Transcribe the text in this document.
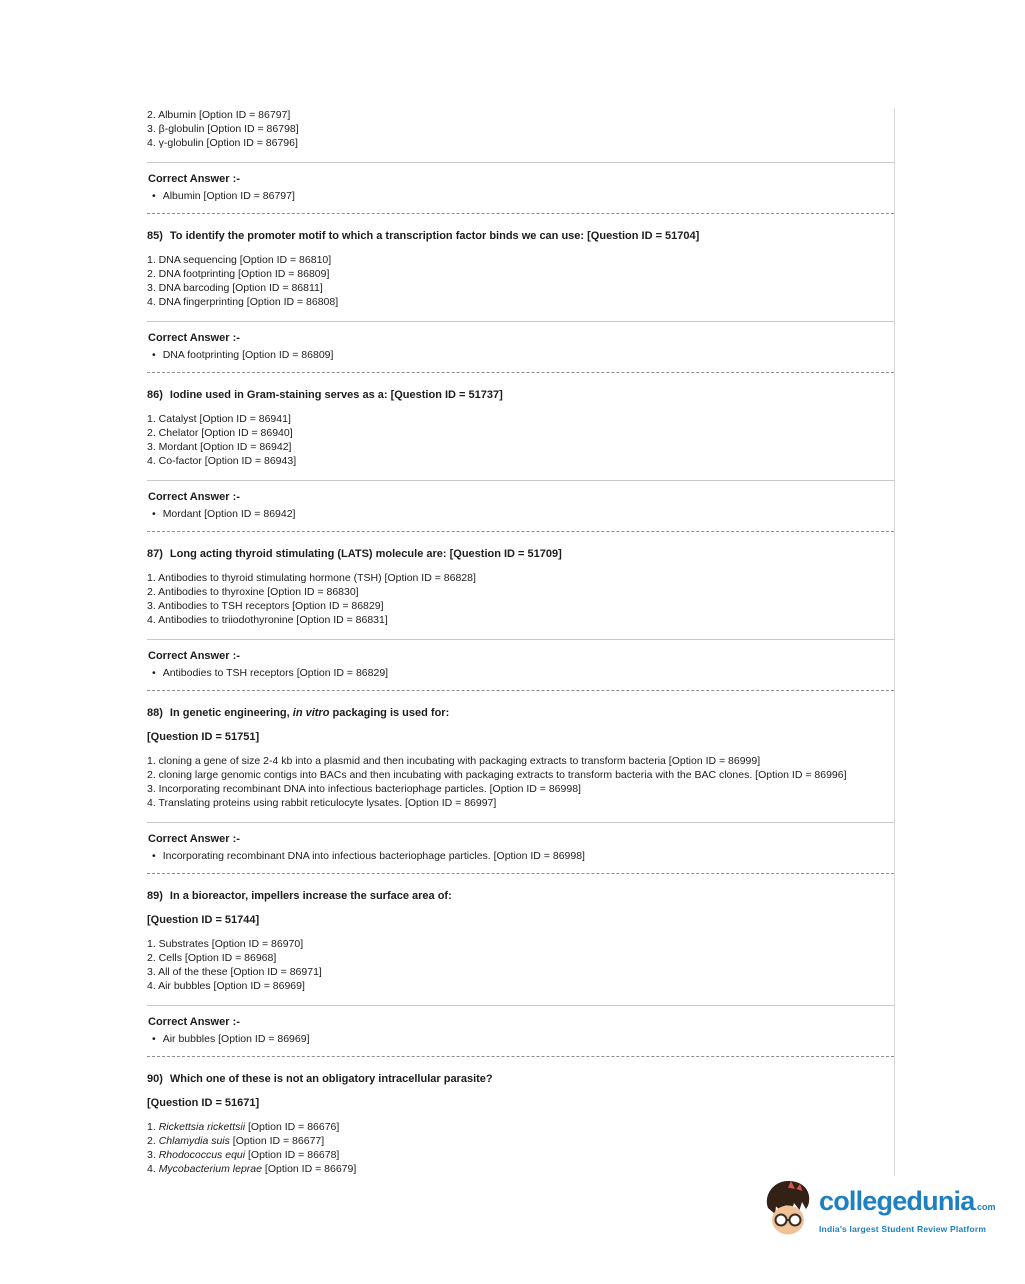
2. Albumin [Option ID = 86797]
3. β-globulin [Option ID = 86798]
4. γ-globulin [Option ID = 86796]
Correct Answer :-
• Albumin [Option ID = 86797]
85) To identify the promoter motif to which a transcription factor binds we can use: [Question ID = 51704]
1. DNA sequencing [Option ID = 86810]
2. DNA footprinting [Option ID = 86809]
3. DNA barcoding [Option ID = 86811]
4. DNA fingerprinting [Option ID = 86808]
Correct Answer :-
• DNA footprinting [Option ID = 86809]
86) Iodine used in Gram-staining serves as a: [Question ID = 51737]
1. Catalyst [Option ID = 86941]
2. Chelator [Option ID = 86940]
3. Mordant [Option ID = 86942]
4. Co-factor [Option ID = 86943]
Correct Answer :-
• Mordant [Option ID = 86942]
87) Long acting thyroid stimulating (LATS) molecule are: [Question ID = 51709]
1. Antibodies to thyroid stimulating hormone (TSH) [Option ID = 86828]
2. Antibodies to thyroxine [Option ID = 86830]
3. Antibodies to TSH receptors [Option ID = 86829]
4. Antibodies to triiodothyronine [Option ID = 86831]
Correct Answer :-
• Antibodies to TSH receptors [Option ID = 86829]
88) In genetic engineering, in vitro packaging is used for:
[Question ID = 51751]
1. cloning a gene of size 2-4 kb into a plasmid and then incubating with packaging extracts to transform bacteria [Option ID = 86999]
2. cloning large genomic contigs into BACs and then incubating with packaging extracts to transform bacteria with the BAC clones. [Option ID = 86996]
3. Incorporating recombinant DNA into infectious bacteriophage particles. [Option ID = 86998]
4. Translating proteins using rabbit reticulocyte lysates. [Option ID = 86997]
Correct Answer :-
• Incorporating recombinant DNA into infectious bacteriophage particles. [Option ID = 86998]
89) In a bioreactor, impellers increase the surface area of:
[Question ID = 51744]
1. Substrates [Option ID = 86970]
2. Cells [Option ID = 86968]
3. All of the these [Option ID = 86971]
4. Air bubbles [Option ID = 86969]
Correct Answer :-
• Air bubbles [Option ID = 86969]
90) Which one of these is not an obligatory intracellular parasite?
[Question ID = 51671]
1. Rickettsia rickettsii [Option ID = 86676]
2. Chlamydia suis [Option ID = 86677]
3. Rhodococcus equi [Option ID = 86678]
4. Mycobacterium leprae [Option ID = 86679]
collegedunia.com
India's largest Student Review Platform
